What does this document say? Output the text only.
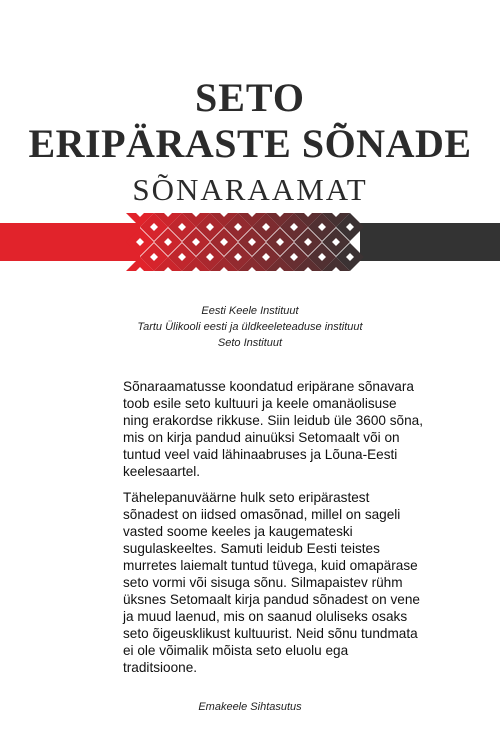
SETO
ERIPÄRASTE SÕNADE
SÕNARAAMAT
Eesti Keele Instituut
Tartu Ülikooli eesti ja üldkeeleteaduse instituut
Seto Instituut

Sõnaraamatusse koondatud eripärane sõnavara toob esile seto kultuuri ja keele omanäolisuse ning erakordse rikkuse. Siin leidub üle 3600 sõna, mis on kirja pandud ainuüksi Setomaalt või on tuntud veel vaid lähinaabruses ja Lõuna-Eesti keelesaartel.

Tähelepanuväärne hulk seto eripärastest sõnadest on iidsed omasõnad, millel on sageli vasted soome keeles ja kaugemateski sugulaskeeltes. Samuti leidub Eesti teistes murretes laiemalt tuntud tüvega, kuid omapärase seto vormi või sisuga sõnu. Silmapaistev rühm üksnes Setomaalt kirja pandud sõnadest on vene ja muud laenud, mis on saanud oluliseks osaks seto õigeusklikust kultuurist. Neid sõnu tundmata ei ole võimalik mõista seto eluolu ega traditsioone.

Emakeele Sihtasutus
